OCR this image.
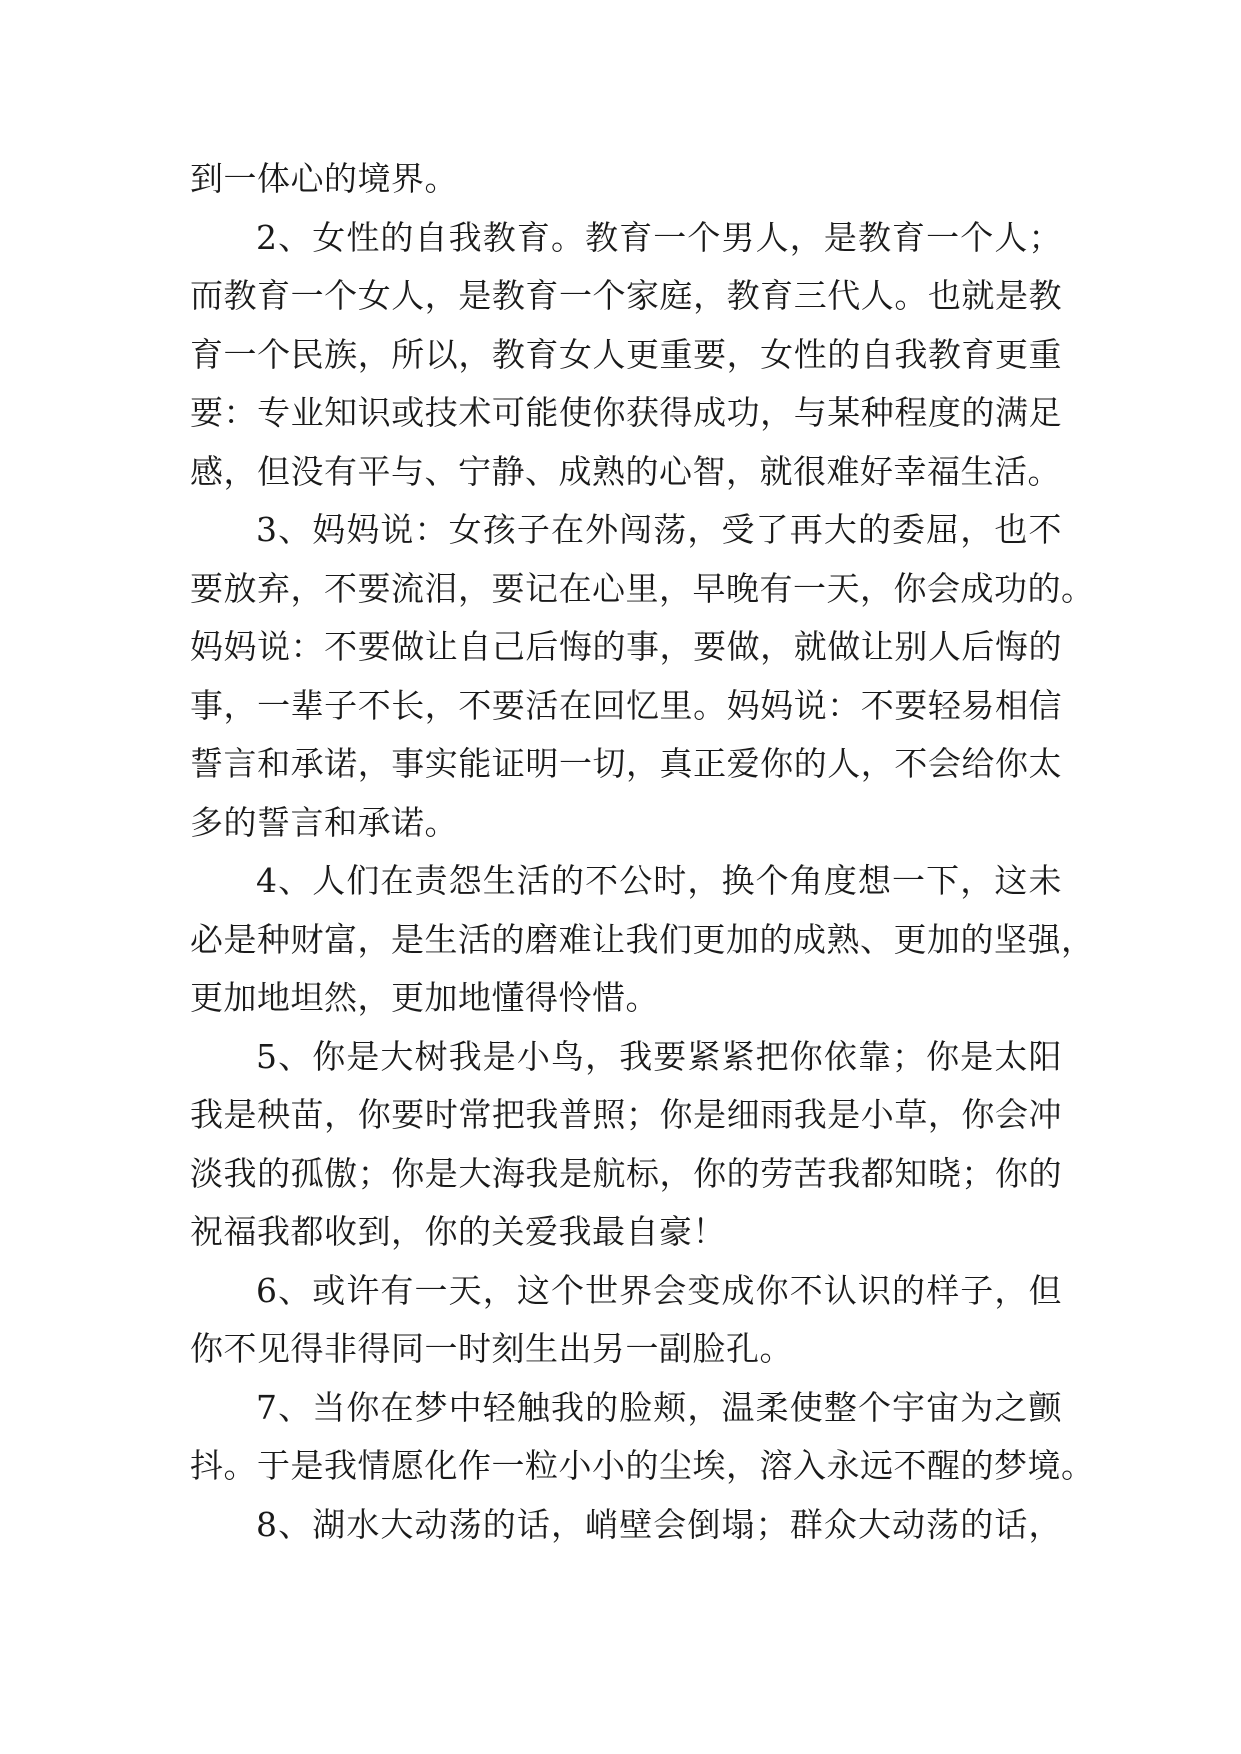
到一体心的境界。
2、女性的自我教育。教育一个男人，是教育一个人；
而教育一个女人，是教育一个家庭，教育三代人。也就是教
育一个民族，所以，教育女人更重要，女性的自我教育更重
要：专业知识或技术可能使你获得成功，与某种程度的满足
感，但没有平与、宁静、成熟的心智，就很难好幸福生活。
3、妈妈说：女孩子在外闯荡，受了再大的委屈，也不
要放弃，不要流泪，要记在心里，早晚有一天，你会成功的。
妈妈说：不要做让自己后悔的事，要做，就做让别人后悔的
事，一辈子不长，不要活在回忆里。妈妈说：不要轻易相信
誓言和承诺，事实能证明一切，真正爱你的人，不会给你太
多的誓言和承诺。
4、人们在责怨生活的不公时，换个角度想一下，这未
必是种财富，是生活的磨难让我们更加的成熟、更加的坚强，
更加地坦然，更加地懂得怜惜。
5、你是大树我是小鸟，我要紧紧把你依靠；你是太阳
我是秧苗，你要时常把我普照；你是细雨我是小草，你会冲
淡我的孤傲；你是大海我是航标，你的劳苦我都知晓；你的
祝福我都收到，你的关爱我最自豪！
6、或许有一天，这个世界会变成你不认识的样子，但
你不见得非得同一时刻生出另一副脸孔。
7、当你在梦中轻触我的脸颊，温柔使整个宇宙为之颤
抖。于是我情愿化作一粒小小的尘埃，溶入永远不醒的梦境。
8、湖水大动荡的话，峭壁会倒塌；群众大动荡的话，
